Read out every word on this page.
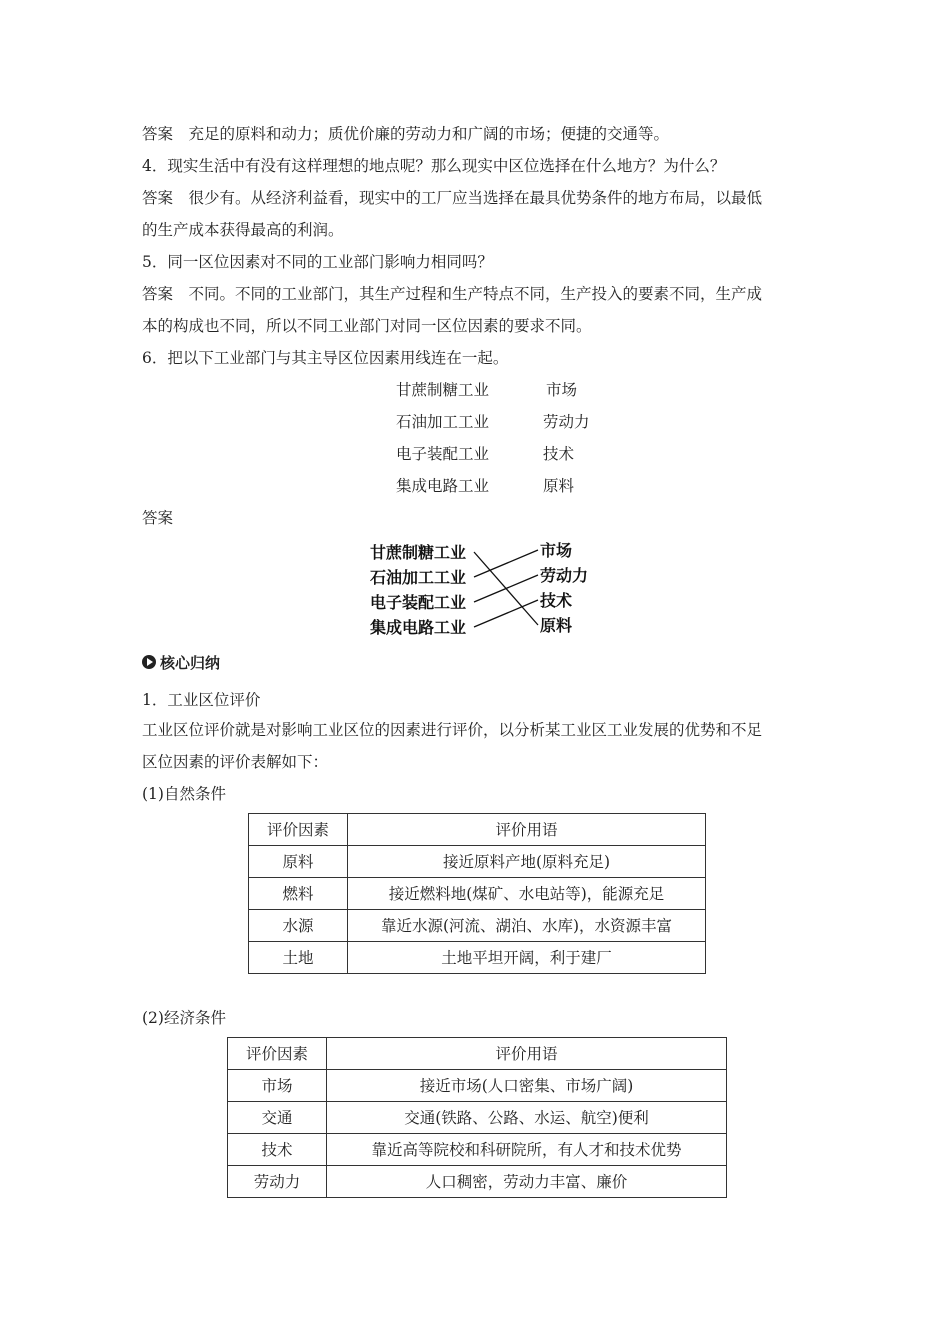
答案　充足的原料和动力；质优价廉的劳动力和广阔的市场；便捷的交通等。
4．现实生活中有没有这样理想的地点呢？那么现实中区位选择在什么地方？为什么？
答案　很少有。从经济利益看，现实中的工厂应当选择在最具优势条件的地方布局，以最低
的生产成本获得最高的利润。
5．同一区位因素对不同的工业部门影响力相同吗？
答案　不同。不同的工业部门，其生产过程和生产特点不同，生产投入的要素不同，生产成
本的构成也不同，所以不同工业部门对同一区位因素的要求不同。
6．把以下工业部门与其主导区位因素用线连在一起。
甘蔗制糖工业	市场
石油加工工业	劳动力
电子装配工业	技术
集成电路工业	原料
答案
甘蔗制糖工业
石油加工工业
电子装配工业
集成电路工业
市场
劳动力
技术
原料
核心归纳
1．工业区位评价
工业区位评价就是对影响工业区位的因素进行评价，以分析某工业区工业发展的优势和不足
区位因素的评价表解如下：
(1)自然条件
评价因素	评价用语
原料	接近原料产地(原料充足)
燃料	接近燃料地(煤矿、水电站等)，能源充足
水源	靠近水源(河流、湖泊、水库)，水资源丰富
土地	土地平坦开阔，利于建厂
(2)经济条件
评价因素	评价用语
市场	接近市场(人口密集、市场广阔)
交通	交通(铁路、公路、水运、航空)便利
技术	靠近高等院校和科研院所，有人才和技术优势
劳动力	人口稠密，劳动力丰富、廉价
